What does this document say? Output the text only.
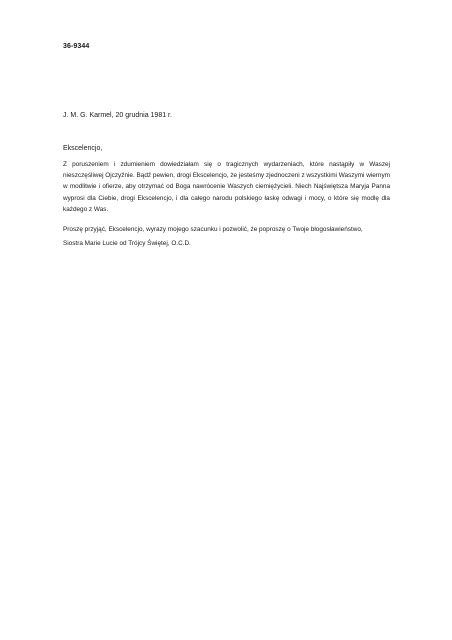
36-9344
J. M. G. Karmel, 20 grudnia 1981 r.
Ekscelencjo,
Z poruszeniem i zdumieniem dowiedziałam się o tragicznych wydarzeniach, które nastąpiły w Waszej nieszczęśliwej Ojczyźnie. Bądź pewien, drogi Ekscelencjo, że jesteśmy zjednoczeni z wszystkimi Waszymi wiernym w modlitwie i ofierze, aby otrzymać od Boga nawrócenie Waszych ciemiężycieli. Niech Najświętsza Maryja Panna wyprosi dla Ciebie, drogi Ekscelencjo, i dla całego narodu polskiego łaskę odwagi i mocy, o które się modlę dla każdego z Was.
Proszę przyjąć, Ekscelencjo, wyrazy mojego szacunku i pozwolić, że poproszę o Twoje błogosławieństwo,
Siostra Marie Lucie od Trójcy Świętej, O.C.D.
